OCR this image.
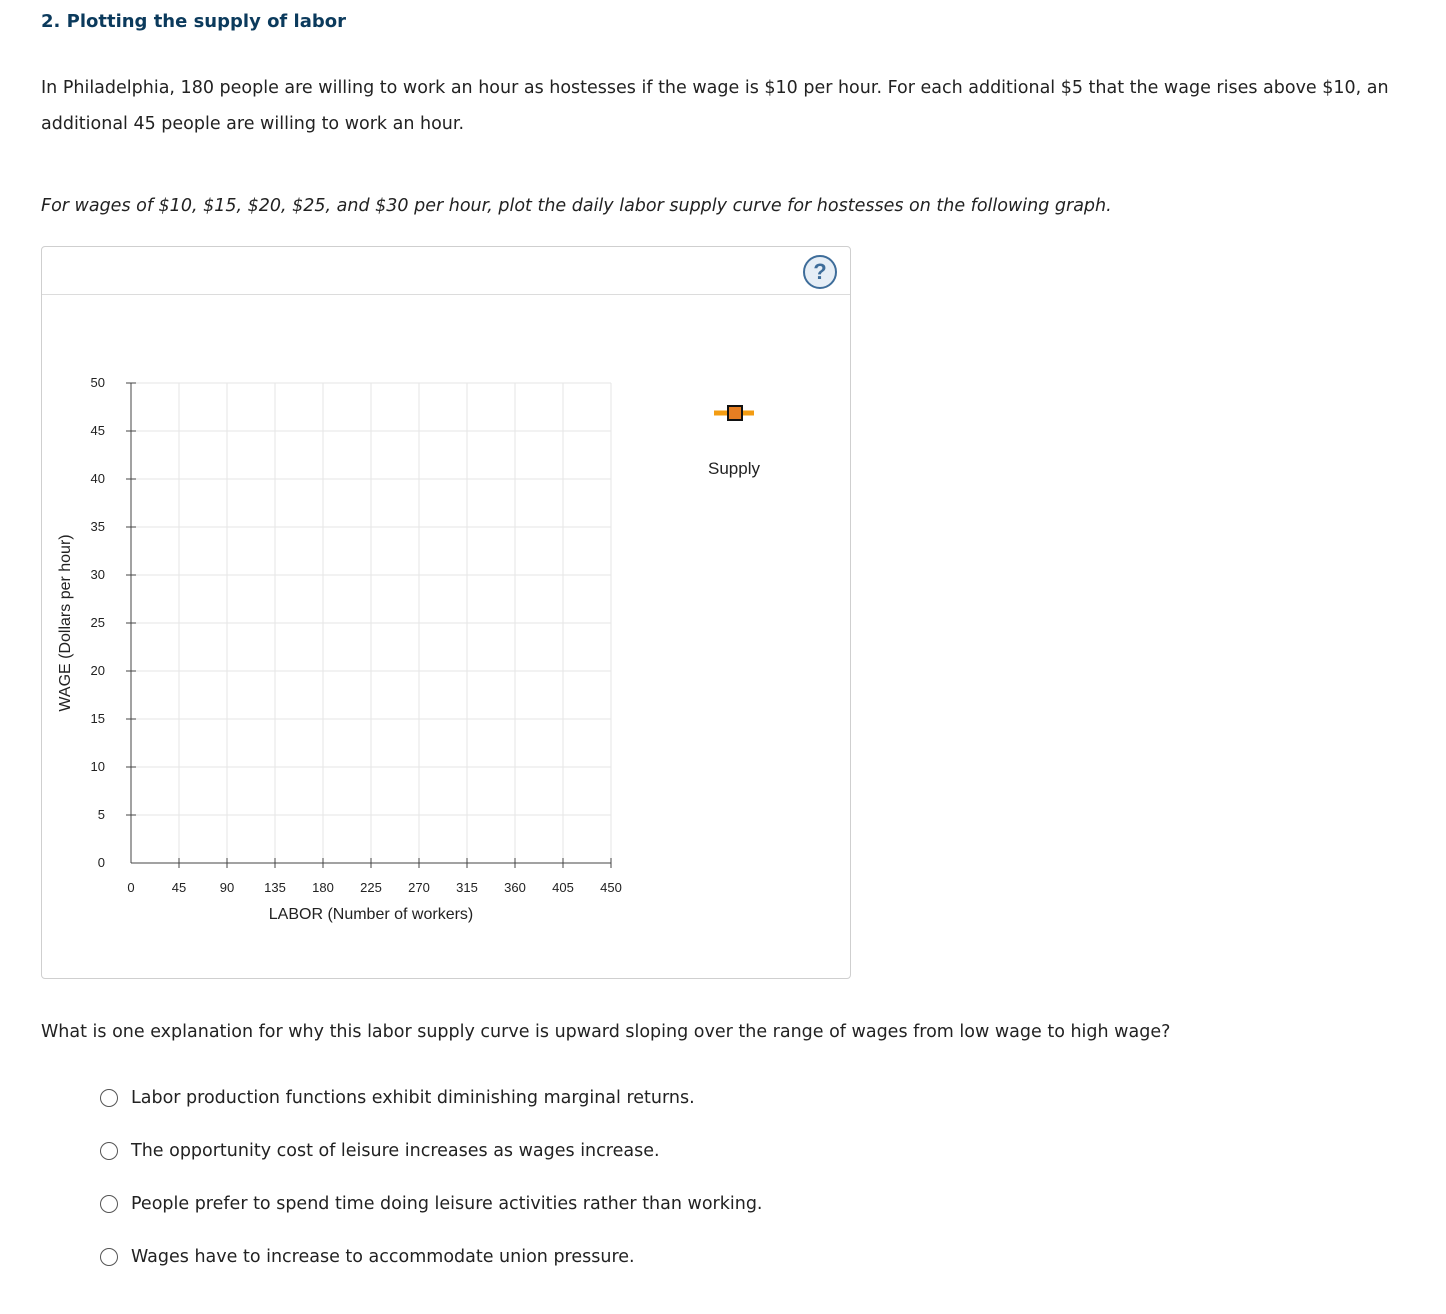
2. Plotting the supply of labor

In Philadelphia, 180 people are willing to work an hour as hostesses if the wage is $10 per hour. For each additional $5 that the wage rises above $10, an additional 45 people are willing to work an hour.

For wages of $10, $15, $20, $25, and $30 per hour, plot the daily labor supply curve for hostesses on the following graph.

?
0
5
10
15
20
25
30
35
40
45
50
0	45	90 135 180 225 270 315 360 405 450
LABOR (Number of workers)
WAGE (Dollars per hour)
Supply

What is one explanation for why this labor supply curve is upward sloping over the range of wages from low wage to high wage?

Labor production functions exhibit diminishing marginal returns.
The opportunity cost of leisure increases as wages increase.
People prefer to spend time doing leisure activities rather than working.
Wages have to increase to accommodate union pressure.
